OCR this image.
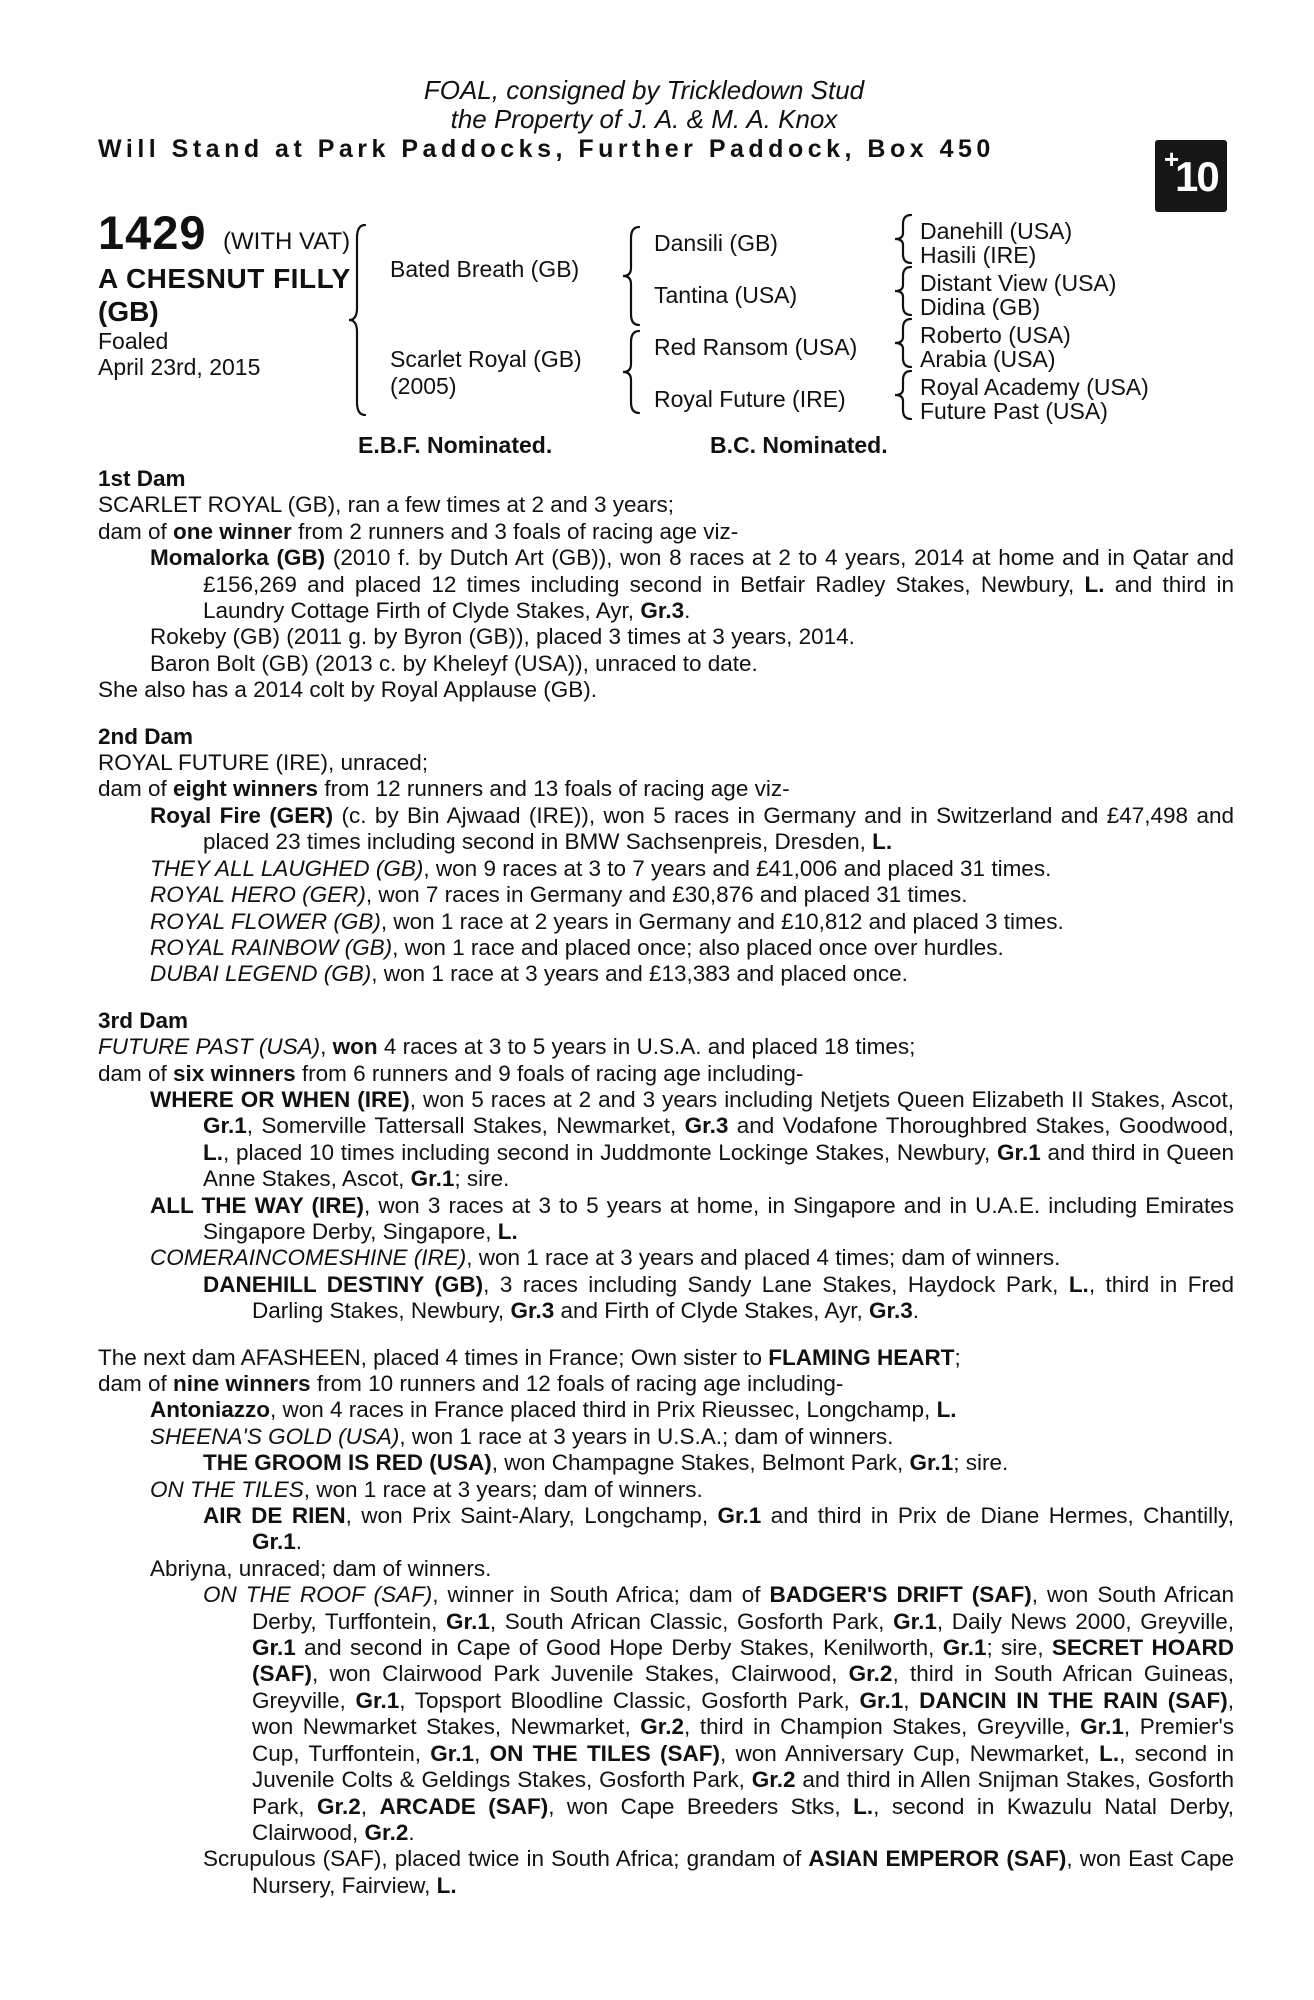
FOAL, consigned by Trickledown Stud
the Property of J. A. & M. A. Knox
Will Stand at Park Paddocks, Further Paddock, Box 450	+
10
1429 (WITH VAT)
A CHESNUT FILLY
(GB)
Foaled
April 23rd, 2015
Bated Breath (GB)
Scarlet Royal (GB)
(2005)
Dansili (GB)
Tantina (USA)
Red Ransom (USA)
Royal Future (IRE)
Danehill (USA)
Hasili (IRE)
Distant View (USA)
Didina (GB)
Roberto (USA)
Arabia (USA)
Royal Academy (USA)
Future Past (USA)
E.B.F. Nominated.	B.C. Nominated.
1st Dam
SCARLET ROYAL (GB), ran a few times at 2 and 3 years;
dam of one winner from 2 runners and 3 foals of racing age viz-
Momalorka (GB) (2010 f. by Dutch Art (GB)), won 8 races at 2 to 4 years, 2014 at home and in Qatar and £156,269 and placed 12 times including second in Betfair Radley Stakes, Newbury, L. and third in Laundry Cottage Firth of Clyde Stakes, Ayr, Gr.3.
Rokeby (GB) (2011 g. by Byron (GB)), placed 3 times at 3 years, 2014.
Baron Bolt (GB) (2013 c. by Kheleyf (USA)), unraced to date.
She also has a 2014 colt by Royal Applause (GB).
2nd Dam
ROYAL FUTURE (IRE), unraced;
dam of eight winners from 12 runners and 13 foals of racing age viz-
Royal Fire (GER) (c. by Bin Ajwaad (IRE)), won 5 races in Germany and in Switzerland and £47,498 and placed 23 times including second in BMW Sachsenpreis, Dresden, L.
THEY ALL LAUGHED (GB), won 9 races at 3 to 7 years and £41,006 and placed 31 times.
ROYAL HERO (GER), won 7 races in Germany and £30,876 and placed 31 times.
ROYAL FLOWER (GB), won 1 race at 2 years in Germany and £10,812 and placed 3 times.
ROYAL RAINBOW (GB), won 1 race and placed once; also placed once over hurdles.
DUBAI LEGEND (GB), won 1 race at 3 years and £13,383 and placed once.
3rd Dam
FUTURE PAST (USA), won 4 races at 3 to 5 years in U.S.A. and placed 18 times;
dam of six winners from 6 runners and 9 foals of racing age including-
WHERE OR WHEN (IRE), won 5 races at 2 and 3 years including Netjets Queen Elizabeth II Stakes, Ascot, Gr.1, Somerville Tattersall Stakes, Newmarket, Gr.3 and Vodafone Thoroughbred Stakes, Goodwood, L., placed 10 times including second in Juddmonte Lockinge Stakes, Newbury, Gr.1 and third in Queen Anne Stakes, Ascot, Gr.1; sire.
ALL THE WAY (IRE), won 3 races at 3 to 5 years at home, in Singapore and in U.A.E. including Emirates Singapore Derby, Singapore, L.
COMERAINCOMESHINE (IRE), won 1 race at 3 years and placed 4 times; dam of winners.
DANEHILL DESTINY (GB), 3 races including Sandy Lane Stakes, Haydock Park, L., third in Fred Darling Stakes, Newbury, Gr.3 and Firth of Clyde Stakes, Ayr, Gr.3.
The next dam AFASHEEN, placed 4 times in France; Own sister to FLAMING HEART;
dam of nine winners from 10 runners and 12 foals of racing age including-
Antoniazzo, won 4 races in France placed third in Prix Rieussec, Longchamp, L.
SHEENA'S GOLD (USA), won 1 race at 3 years in U.S.A.; dam of winners.
THE GROOM IS RED (USA), won Champagne Stakes, Belmont Park, Gr.1; sire.
ON THE TILES, won 1 race at 3 years; dam of winners.
AIR DE RIEN, won Prix Saint-Alary, Longchamp, Gr.1 and third in Prix de Diane Hermes, Chantilly, Gr.1.
Abriyna, unraced; dam of winners.
ON THE ROOF (SAF), winner in South Africa; dam of BADGER'S DRIFT (SAF), won South African Derby, Turffontein, Gr.1, South African Classic, Gosforth Park, Gr.1, Daily News 2000, Greyville, Gr.1 and second in Cape of Good Hope Derby Stakes, Kenilworth, Gr.1; sire, SECRET HOARD (SAF), won Clairwood Park Juvenile Stakes, Clairwood, Gr.2, third in South African Guineas, Greyville, Gr.1, Topsport Bloodline Classic, Gosforth Park, Gr.1, DANCIN IN THE RAIN (SAF), won Newmarket Stakes, Newmarket, Gr.2, third in Champion Stakes, Greyville, Gr.1, Premier's Cup, Turffontein, Gr.1, ON THE TILES (SAF), won Anniversary Cup, Newmarket, L., second in Juvenile Colts & Geldings Stakes, Gosforth Park, Gr.2 and third in Allen Snijman Stakes, Gosforth Park, Gr.2, ARCADE (SAF), won Cape Breeders Stks, L., second in Kwazulu Natal Derby, Clairwood, Gr.2.
Scrupulous (SAF), placed twice in South Africa; grandam of ASIAN EMPEROR (SAF), won East Cape Nursery, Fairview, L.
